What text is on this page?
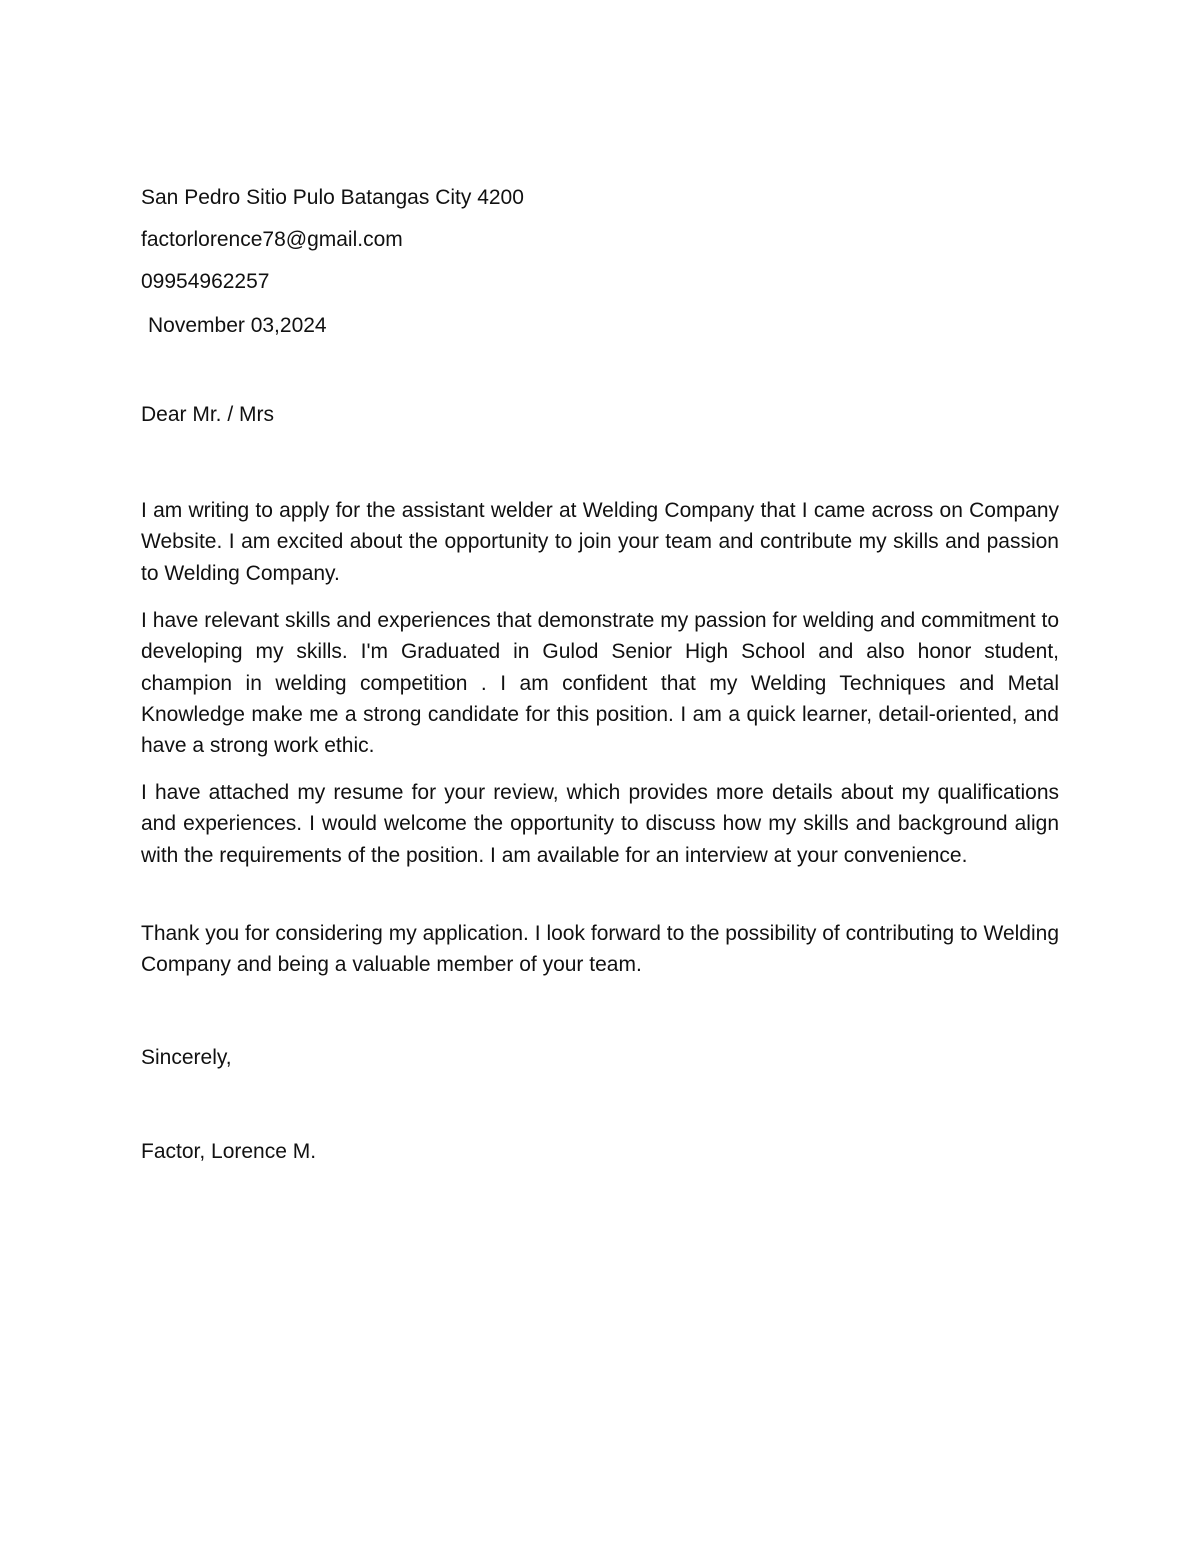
San Pedro Sitio Pulo Batangas City 4200
factorlorence78@gmail.com
09954962257
November 03,2024
Dear Mr. / Mrs
I am writing to apply for the assistant welder at Welding Company that I came across on Company Website. I am excited about the opportunity to join your team and contribute my skills and passion to Welding Company.
I have relevant skills and experiences that demonstrate my passion for welding and commitment to developing my skills. I'm Graduated in Gulod Senior High School and also honor student, champion in welding competition . I am confident that my Welding Techniques and Metal Knowledge make me a strong candidate for this position. I am a quick learner, detail-oriented, and have a strong work ethic.
I have attached my resume for your review, which provides more details about my qualifications and experiences. I would welcome the opportunity to discuss how my skills and background align with the requirements of the position. I am available for an interview at your convenience.
Thank you for considering my application. I look forward to the possibility of contributing to Welding Company and being a valuable member of your team.
Sincerely,
Factor, Lorence M.
